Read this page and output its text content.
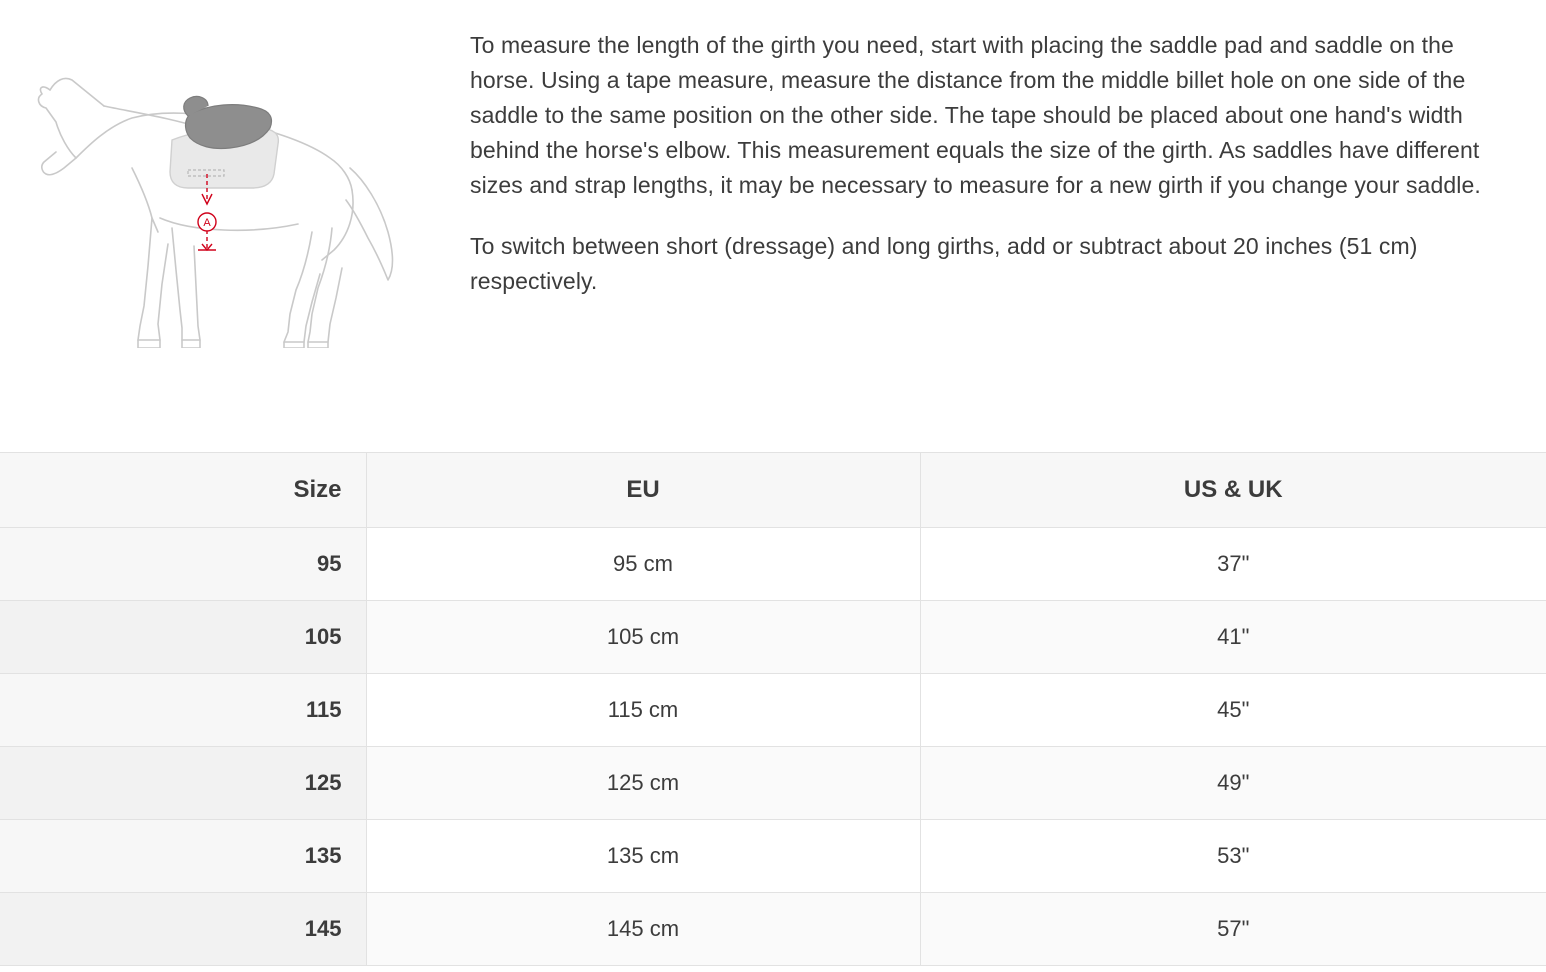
A

To measure the length of the girth you need, start with placing the saddle pad and saddle on the horse. Using a tape measure, measure the distance from the middle billet hole on one side of the saddle to the same position on the other side. The tape should be placed about one hand's width behind the horse's elbow. This measurement equals the size of the girth. As saddles have different sizes and strap lengths, it may be necessary to measure for a new girth if you change your saddle.

To switch between short (dressage) and long girths, add or subtract about 20 inches (51 cm) respectively.

Size	EU	US & UK
95	95 cm	37"
105	105 cm	41"
115	115 cm	45"
125	125 cm	49"
135	135 cm	53"
145	145 cm	57"
